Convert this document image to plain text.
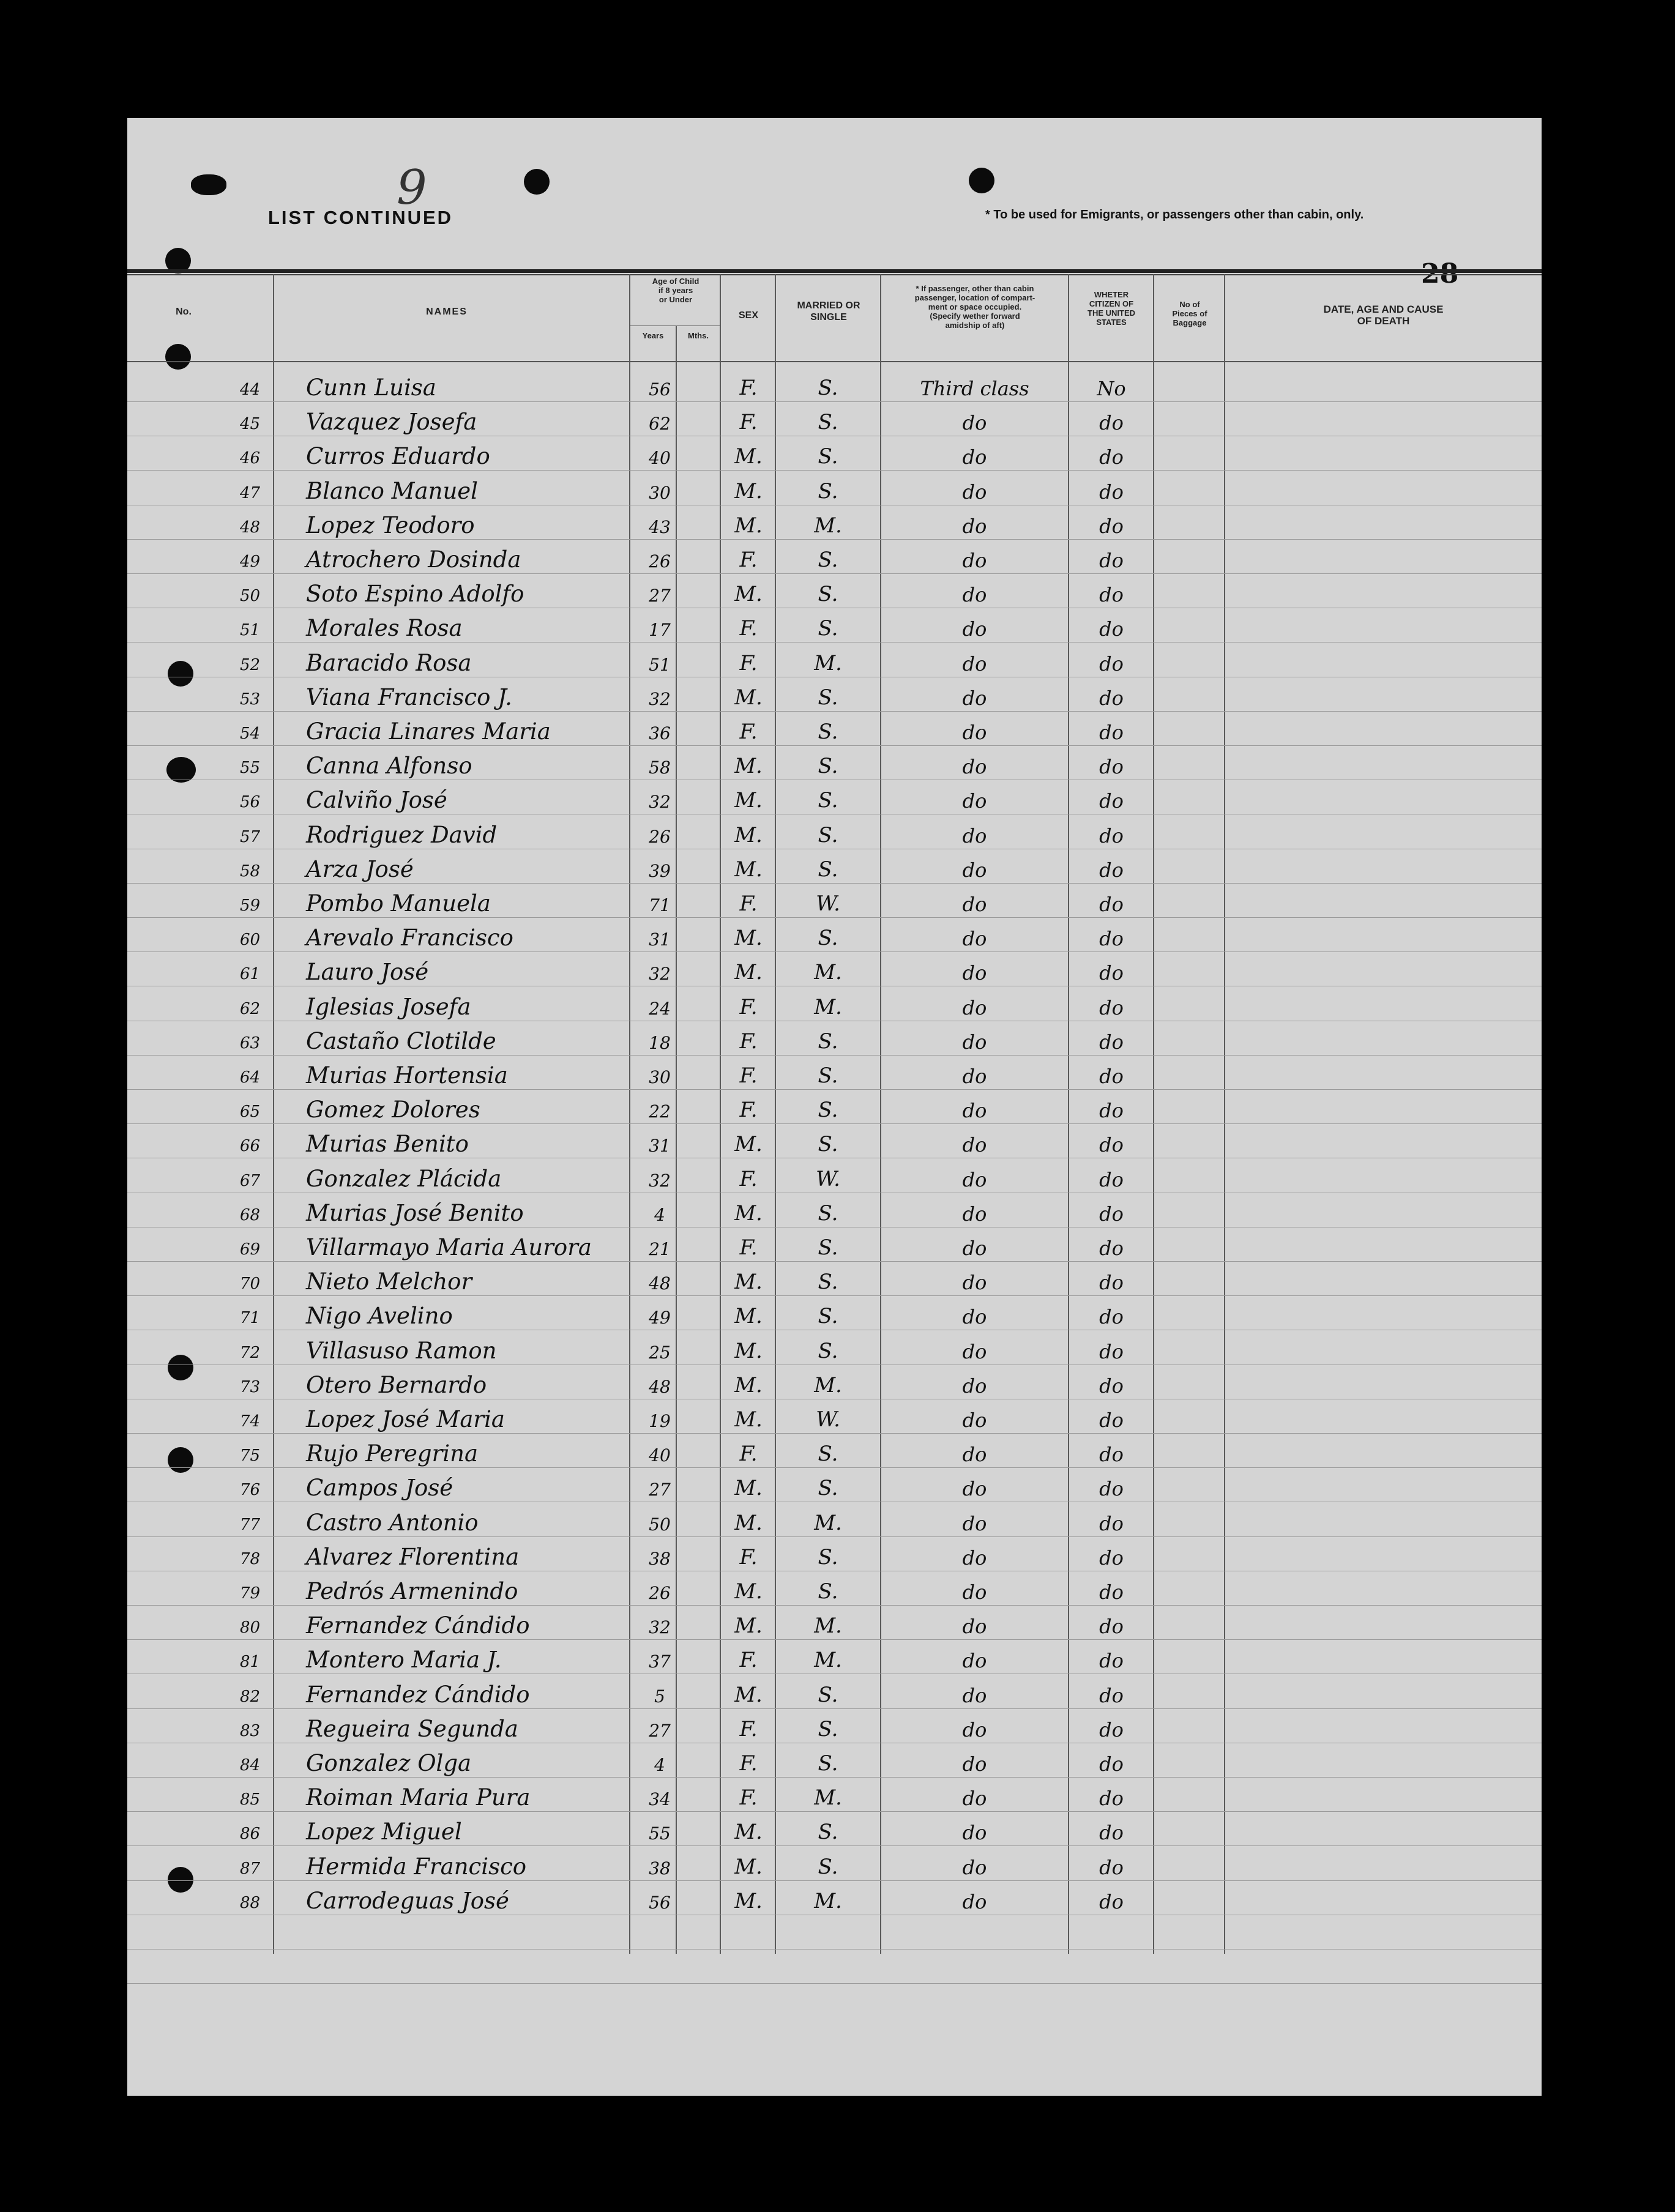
LIST CONTINUED
9	* To be used for Emigrants, or passengers other than cabin, only.
No.	NAMES
Age of Child
if 8 years
or Under
Years	Mths.
SEX
MARRIED OR
SINGLE
* If passenger, other than cabin
passenger, location of compart-
ment or space occupied.
(Specify wether forward
amidship of aft)
WHETER
CITIZEN OF
THE UNITED
STATES
No of
Pieces of
Baggage
DATE, AGE AND CAUSE
OF DEATH
44	Cunn Luisa	56	F.	S.	Third class	No
45	Vazquez Josefa	62	F.	S.	do	do
46	Curros Eduardo	40	M.	S.	do	do
47	Blanco Manuel	30	M.	S.	do	do
48	Lopez Teodoro	43	M.	M.	do	do
49	Atrochero Dosinda	26	F.	S.	do	do
50	Soto Espino Adolfo	27	M.	S.	do	do
51	Morales Rosa	17	F.	S.	do	do
52	Baracido Rosa	51	F.	M.	do	do
53	Viana Francisco J.	32	M.	S.	do	do
54	Gracia Linares Maria	36	F.	S.	do	do
55	Canna Alfonso	58	M.	S.	do	do
56	Calviño José	32	M.	S.	do	do
57	Rodriguez David	26	M.	S.	do	do
58	Arza José	39	M.	S.	do	do
59	Pombo Manuela	71	F.	W.	do	do
60	Arevalo Francisco	31	M.	S.	do	do
61	Lauro José	32	M.	M.	do	do
62	Iglesias Josefa	24	F.	M.	do	do
63	Castaño Clotilde	18	F.	S.	do	do
64	Murias Hortensia	30	F.	S.	do	do
65	Gomez Dolores	22	F.	S.	do	do
66	Murias Benito	31	M.	S.	do	do
67	Gonzalez Plácida	32	F.	W.	do	do
68	Murias José Benito	4	M.	S.	do	do
69	Villarmayo Maria Aurora	21	F.	S.	do	do
70	Nieto Melchor	48	M.	S.	do	do
71	Nigo Avelino	49	M.	S.	do	do
72	Villasuso Ramon	25	M.	S.	do	do
73	Otero Bernardo	48	M.	M.	do	do
74	Lopez José Maria	19	M.	W.	do	do
75	Rujo Peregrina	40	F.	S.	do	do
76	Campos José	27	M.	S.	do	do
77	Castro Antonio	50	M.	M.	do	do
78	Alvarez Florentina	38	F.	S.	do	do
79	Pedrós Armenindo	26	M.	S.	do	do
80	Fernandez Cándido	32	M.	M.	do	do
81	Montero Maria J.	37	F.	M.	do	do
82	Fernandez Cándido	5	M.	S.	do	do
83	Regueira Segunda	27	F.	S.	do	do
84	Gonzalez Olga	4	F.	S.	do	do
85	Roiman Maria Pura	34	F.	M.	do	do
86	Lopez Miguel	55	M.	S.	do	do
87	Hermida Francisco	38	M.	S.	do	do
88	Carrodeguas José	56	M.	M.	do	do
